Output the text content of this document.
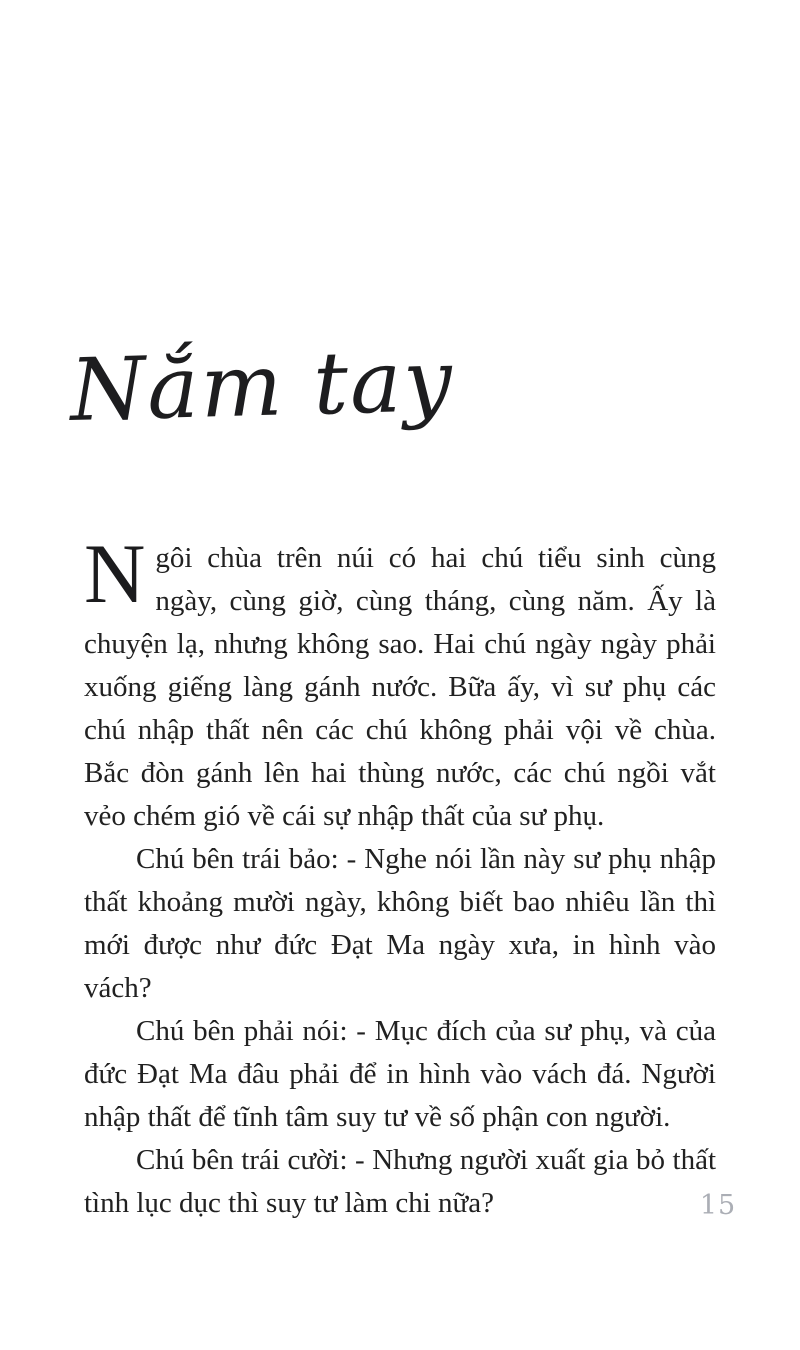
Nắm tay

Ngôi chùa trên núi có hai chú tiểu sinh cùng ngày, cùng giờ, cùng tháng, cùng năm. Ấy là chuyện lạ, nhưng không sao. Hai chú ngày ngày phải xuống giếng làng gánh nước. Bữa ấy, vì sư phụ các chú nhập thất nên các chú không phải vội về chùa. Bắc đòn gánh lên hai thùng nước, các chú ngồi vắt vẻo chém gió về cái sự nhập thất của sư phụ.

Chú bên trái bảo: - Nghe nói lần này sư phụ nhập thất khoảng mười ngày, không biết bao nhiêu lần thì mới được như đức Đạt Ma ngày xưa, in hình vào vách?

Chú bên phải nói: - Mục đích của sư phụ, và của đức Đạt Ma đâu phải để in hình vào vách đá. Người nhập thất để tĩnh tâm suy tư về số phận con người.

Chú bên trái cười: - Nhưng người xuất gia bỏ thất tình lục dục thì suy tư làm chi nữa?	15
